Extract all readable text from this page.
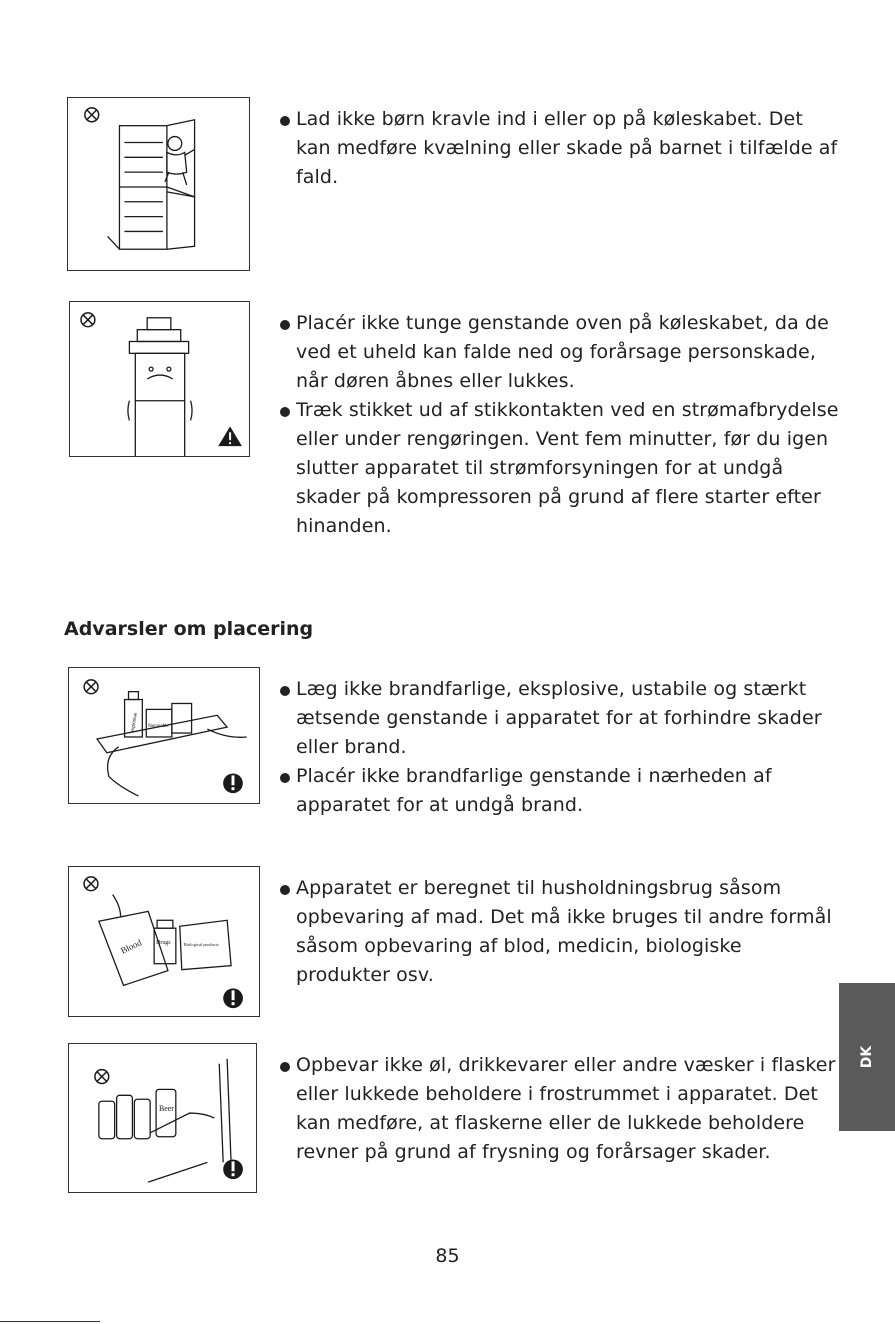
Lad ikke børn kravle ind i eller op på køleskabet. Det kan medføre kvælning eller skade på barnet i tilfælde af fald.
Placér ikke tunge genstande oven på køleskabet, da de ved et uheld kan falde ned og forårsage personskade, når døren åbnes eller lukkes.
Træk stikket ud af stikkontakten ved en strømafbrydelse eller under rengøringen. Vent fem minutter, før du igen slutter apparatet til strømforsyningen for at undgå skader på kompressoren på grund af flere starter efter hinanden.
Advarsler om placering
explosive flammable
Læg ikke brandfarlige, eksplosive, ustabile og stærkt ætsende genstande i apparatet for at forhindre skader eller brand.
Placér ikke brandfarlige genstande i nærheden af apparatet for at undgå brand.
Blood Drugs	Biological products
Apparatet er beregnet til husholdningsbrug såsom opbevaring af mad. Det må ikke bruges til andre formål såsom opbevaring af blod, medicin, biologiske produkter osv.
Beer
Opbevar ikke øl, drikkevarer eller andre væsker i flasker eller lukkede beholdere i frostrummet i apparatet. Det kan medføre, at flaskerne eller de lukkede beholdere revner på grund af frysning og forårsager skader.
85
DK
